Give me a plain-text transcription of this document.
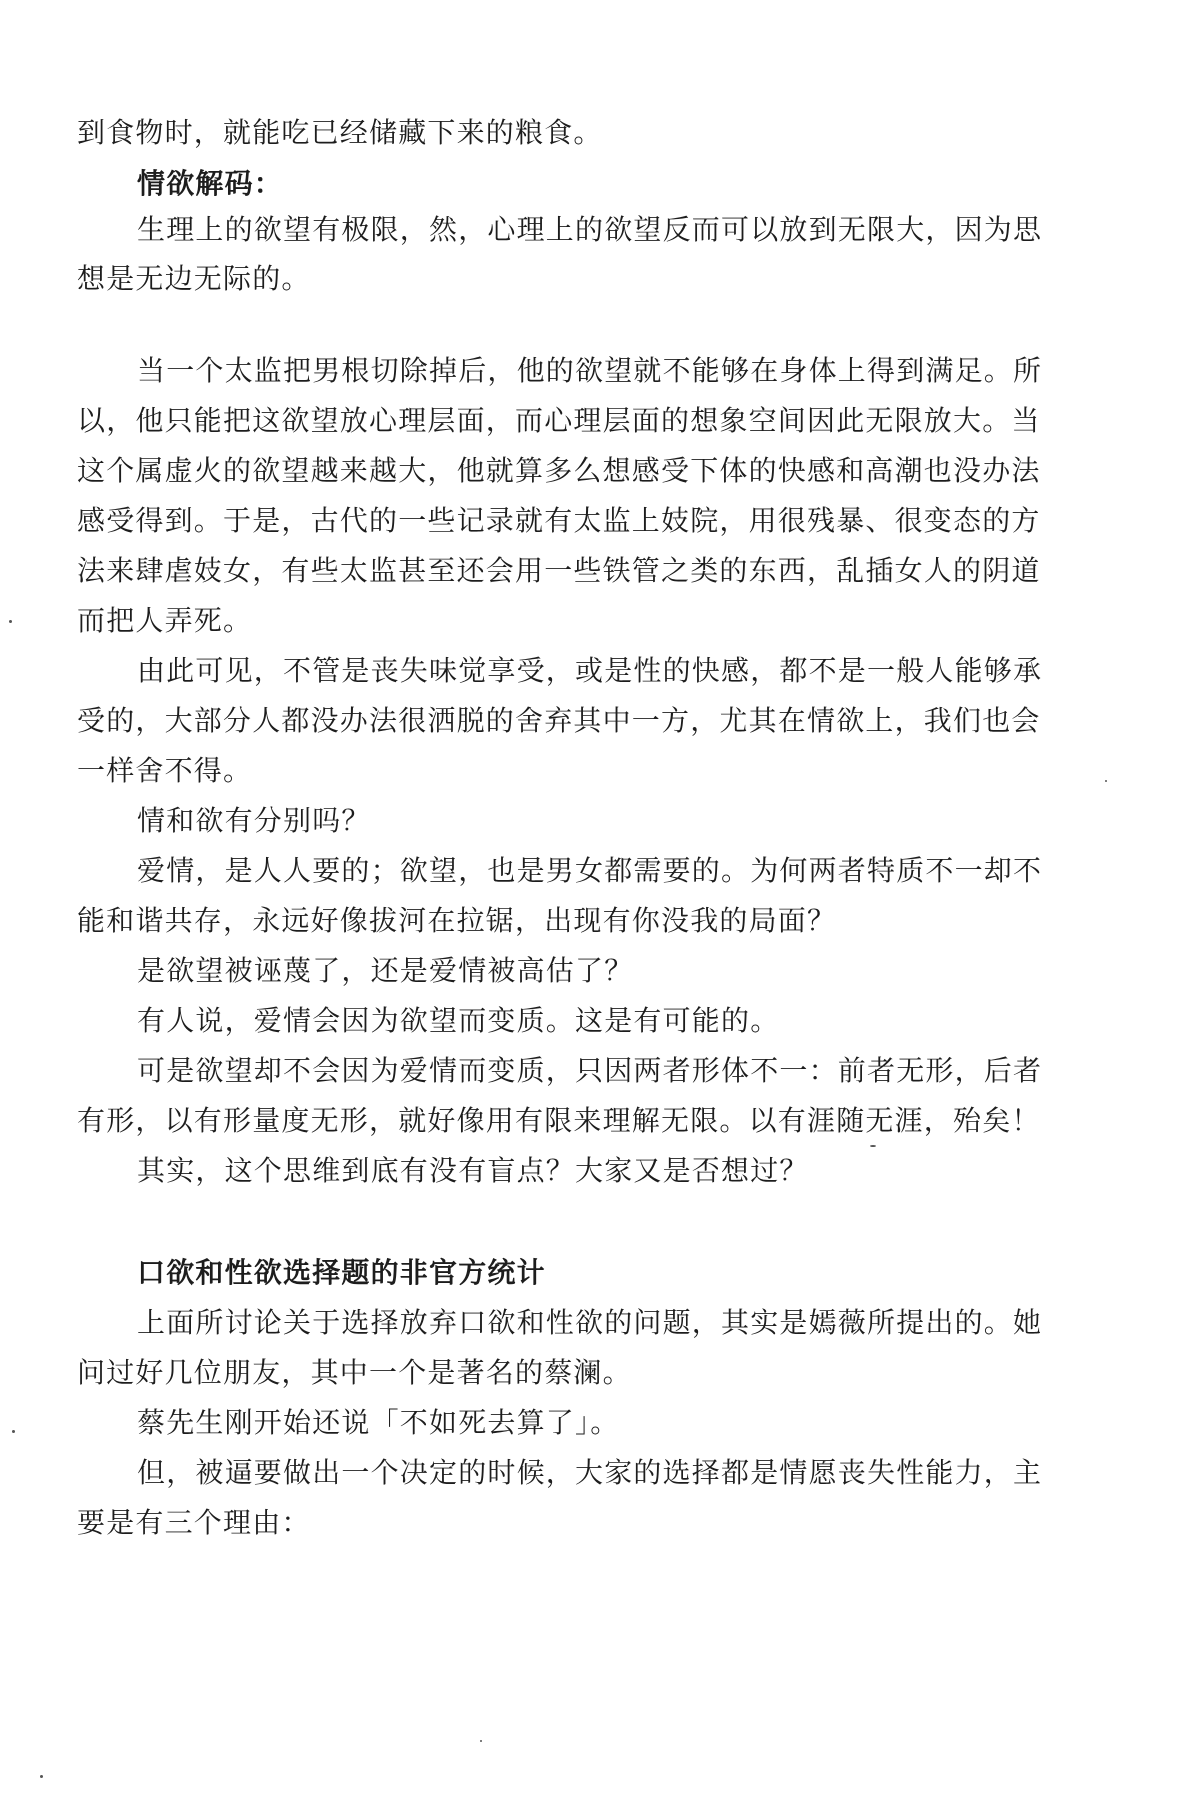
到食物时，就能吃已经储藏下来的粮食。
情欲解码：
生理上的欲望有极限，然，心理上的欲望反而可以放到无限大，因为思
想是无边无际的。
当一个太监把男根切除掉后，他的欲望就不能够在身体上得到满足。所
以，他只能把这欲望放心理层面，而心理层面的想象空间因此无限放大。当
这个属虚火的欲望越来越大，他就算多么想感受下体的快感和高潮也没办法
感受得到。于是，古代的一些记录就有太监上妓院，用很残暴、很变态的方
法来肆虐妓女，有些太监甚至还会用一些铁管之类的东西，乱插女人的阴道
而把人弄死。
由此可见，不管是丧失味觉享受，或是性的快感，都不是一般人能够承
受的，大部分人都没办法很洒脱的舍弃其中一方，尤其在情欲上，我们也会
一样舍不得。
情和欲有分别吗？
爱情，是人人要的；欲望，也是男女都需要的。为何两者特质不一却不
能和谐共存，永远好像拔河在拉锯，出现有你没我的局面？
是欲望被诬蔑了，还是爱情被高估了？
有人说，爱情会因为欲望而变质。这是有可能的。
可是欲望却不会因为爱情而变质，只因两者形体不一：前者无形，后者
有形，以有形量度无形，就好像用有限来理解无限。以有涯随无涯，殆矣！
其实，这个思维到底有没有盲点？大家又是否想过？
口欲和性欲选择题的非官方统计
上面所讨论关于选择放弃口欲和性欲的问题，其实是嫣薇所提出的。她
问过好几位朋友，其中一个是著名的蔡澜。
蔡先生刚开始还说「不如死去算了」。
但，被逼要做出一个决定的时候，大家的选择都是情愿丧失性能力，主
要是有三个理由：
